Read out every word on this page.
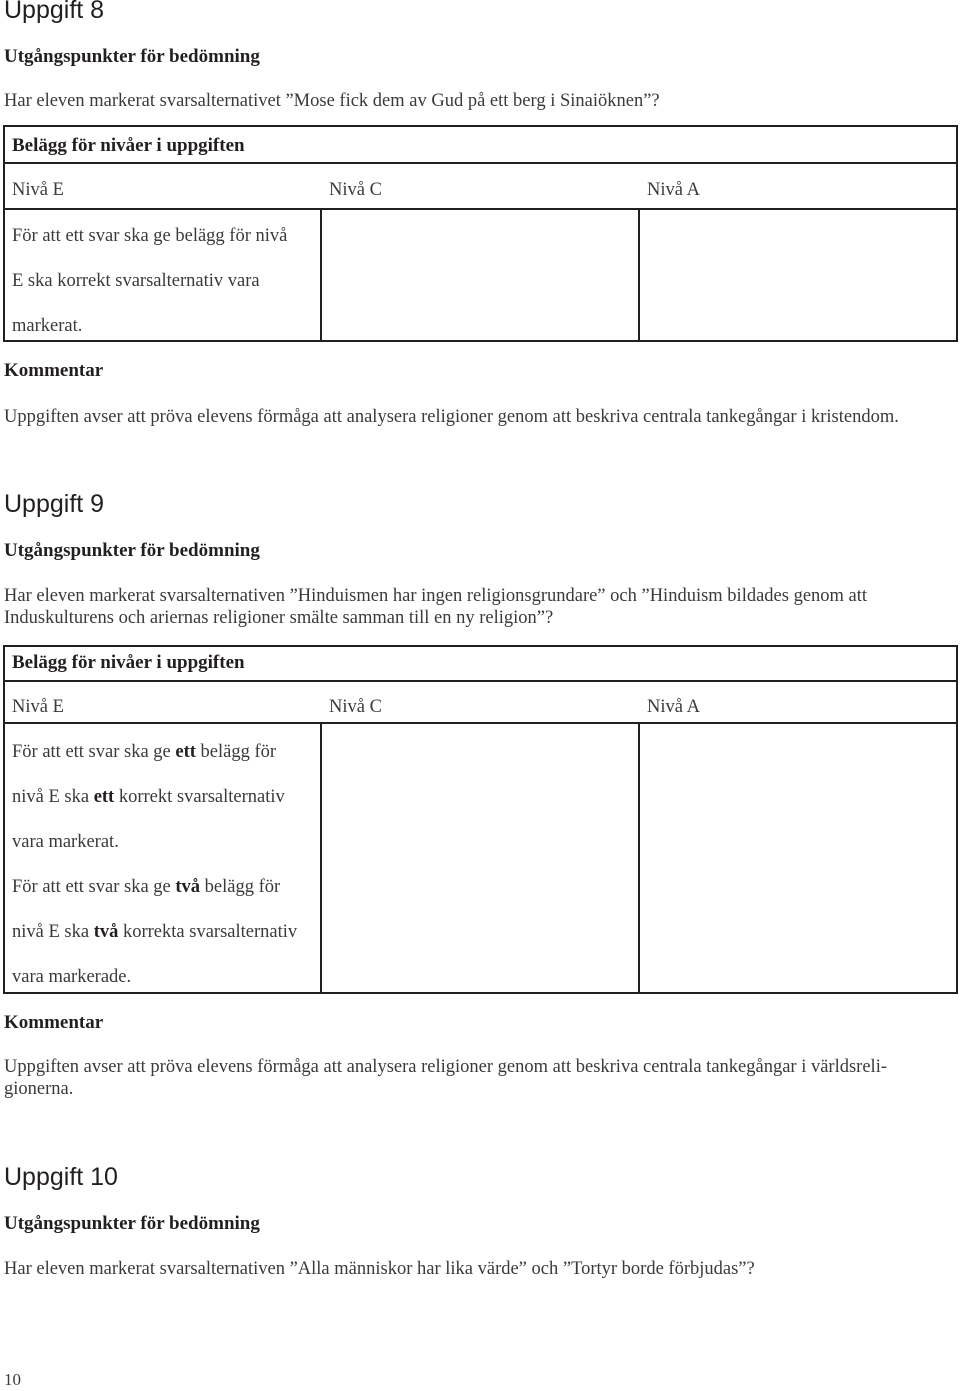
Uppgift 8
Utgångspunkter för bedömning
Har eleven markerat svarsalternativet ”Mose fick dem av Gud på ett berg i Sinaiöknen”?
Belägg för nivåer i uppgiften
Nivå E	Nivå C	Nivå A
För att ett svar ska ge belägg för nivå
E ska korrekt svarsalternativ vara
markerat.
Kommentar
Uppgiften avser att pröva elevens förmåga att analysera religioner genom att beskriva centrala tankegångar i kristendom.
Uppgift 9
Utgångspunkter för bedömning
Har eleven markerat svarsalternativen ”Hinduismen har ingen religionsgrundare” och ”Hinduism bildades genom att
Induskulturens och ariernas religioner smälte samman till en ny religion”?
Belägg för nivåer i uppgiften
Nivå E	Nivå C	Nivå A
För att ett svar ska ge ett belägg för
nivå E ska ett korrekt svarsalternativ
vara markerat.
För att ett svar ska ge två belägg för
nivå E ska två korrekta svarsalternativ
vara markerade.
Kommentar
Uppgiften avser att pröva elevens förmåga att analysera religioner genom att beskriva centrala tankegångar i världsreli-
gionerna.
Uppgift 10
Utgångspunkter för bedömning
Har eleven markerat svarsalternativen ”Alla människor har lika värde” och ”Tortyr borde förbjudas”?
10
